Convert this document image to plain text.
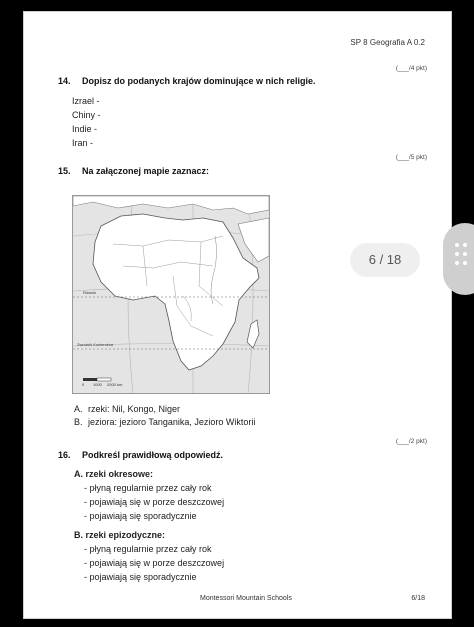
SP 8 Geografia A 0.2
(___/4 pkt)
14. Dopisz do podanych krajów dominujące w nich religie.
Izrael -
Chiny -
Indie -
Iran -
(___/5 pkt)
15. Na załączonej mapie zaznacz:
Równik
Zwrotnik Koziorożca
0 1000 2000 km
A. rzeki: Nil, Kongo, Niger
B. jeziora: jezioro Tanganika, Jezioro Wiktorii
(___/2 pkt)
16. Podkreśl prawidłową odpowiedź.
A. rzeki okresowe:
- płyną regularnie przez cały rok
- pojawiają się w porze deszczowej
- pojawiają się sporadycznie
B. rzeki epizodyczne:
- płyną regularnie przez cały rok
- pojawiają się w porze deszczowej
- pojawiają się sporadycznie
Montessori Mountain Schools	6/18
6 / 18
